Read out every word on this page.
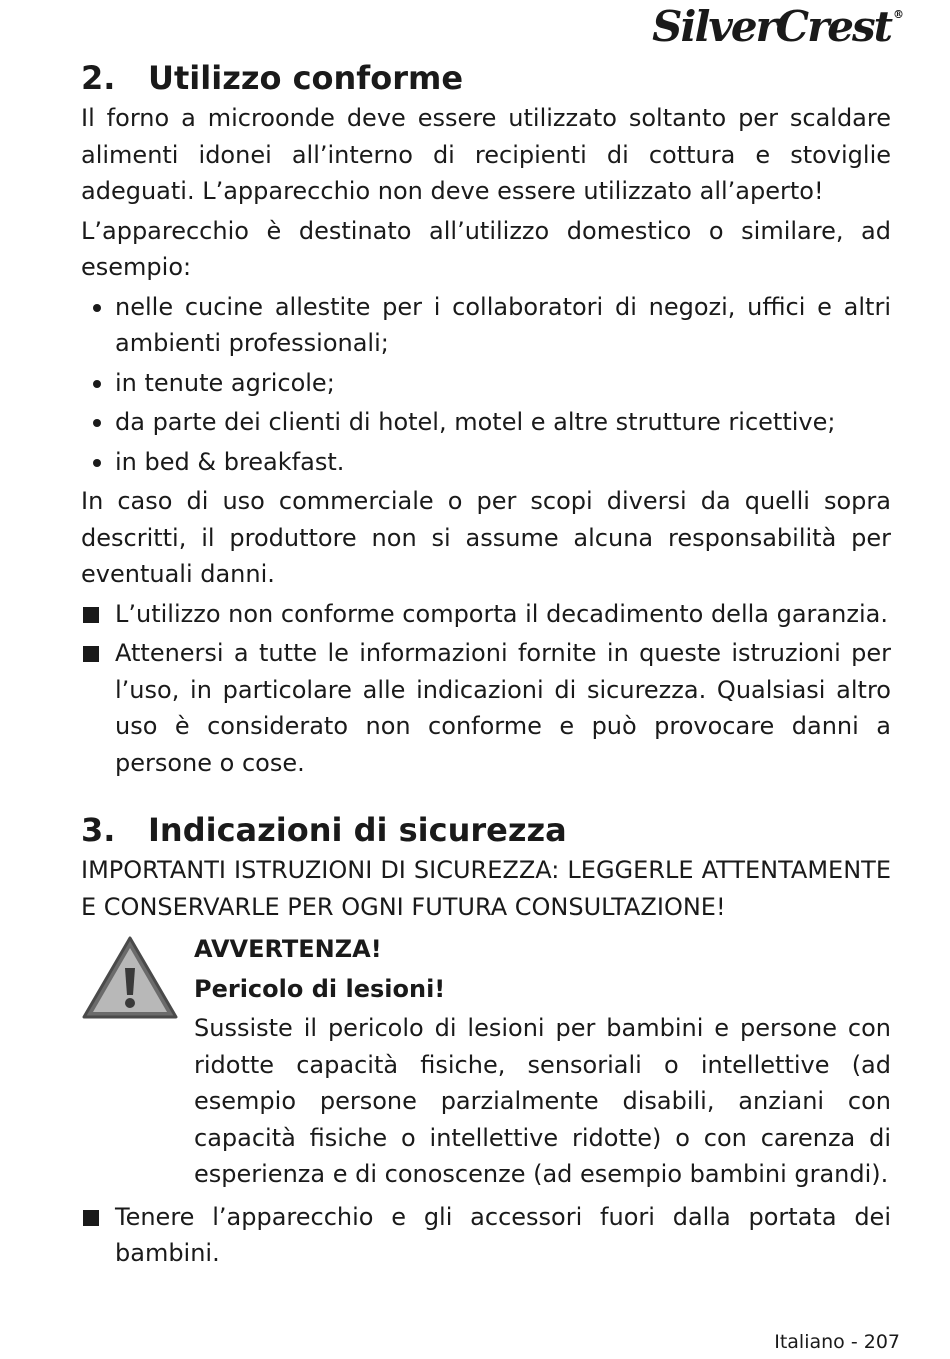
SilverCrest ®
2.	Utilizzo conforme

Il forno a microonde deve essere utilizzato soltanto per scaldare alimenti idonei all’interno di recipienti di cottura e stoviglie adeguati. L’apparecchio non deve essere utilizzato all’aperto!

L’apparecchio è destinato all’utilizzo domestico o similare, ad esempio:

nelle cucine allestite per i collaboratori di negozi, uffici e altri ambienti professionali;
in tenute agricole;
da parte dei clienti di hotel, motel e altre strutture ricettive;
in bed & breakfast.

In caso di uso commerciale o per scopi diversi da quelli sopra descritti, il produttore non si assume alcuna responsabilità per eventuali danni.

L’utilizzo non conforme comporta il decadimento della garanzia.
Attenersi a tutte le informazioni fornite in queste istruzioni per l’uso, in particolare alle indicazioni di sicurezza. Qualsiasi altro uso è considerato non conforme e può provocare danni a persone o cose.
3.	Indicazioni di sicurezza

IMPORTANTI ISTRUZIONI DI SICUREZZA: LEGGERLE ATTENTAMENTE E CONSERVARLE PER OGNI FUTURA CONSULTAZIONE!

AVVERTENZA!
Pericolo di lesioni!

Sussiste il pericolo di lesioni per bambini e persone con ridotte capacità fisiche, sensoriali o intellettive (ad esempio persone parzialmente disabili, anziani con capacità fisiche o intellettive ridotte) o con carenza di esperienza e di conoscenze (ad esempio bambini grandi).

Tenere l’apparecchio e gli accessori fuori dalla portata dei bambini.
Italiano - 207
